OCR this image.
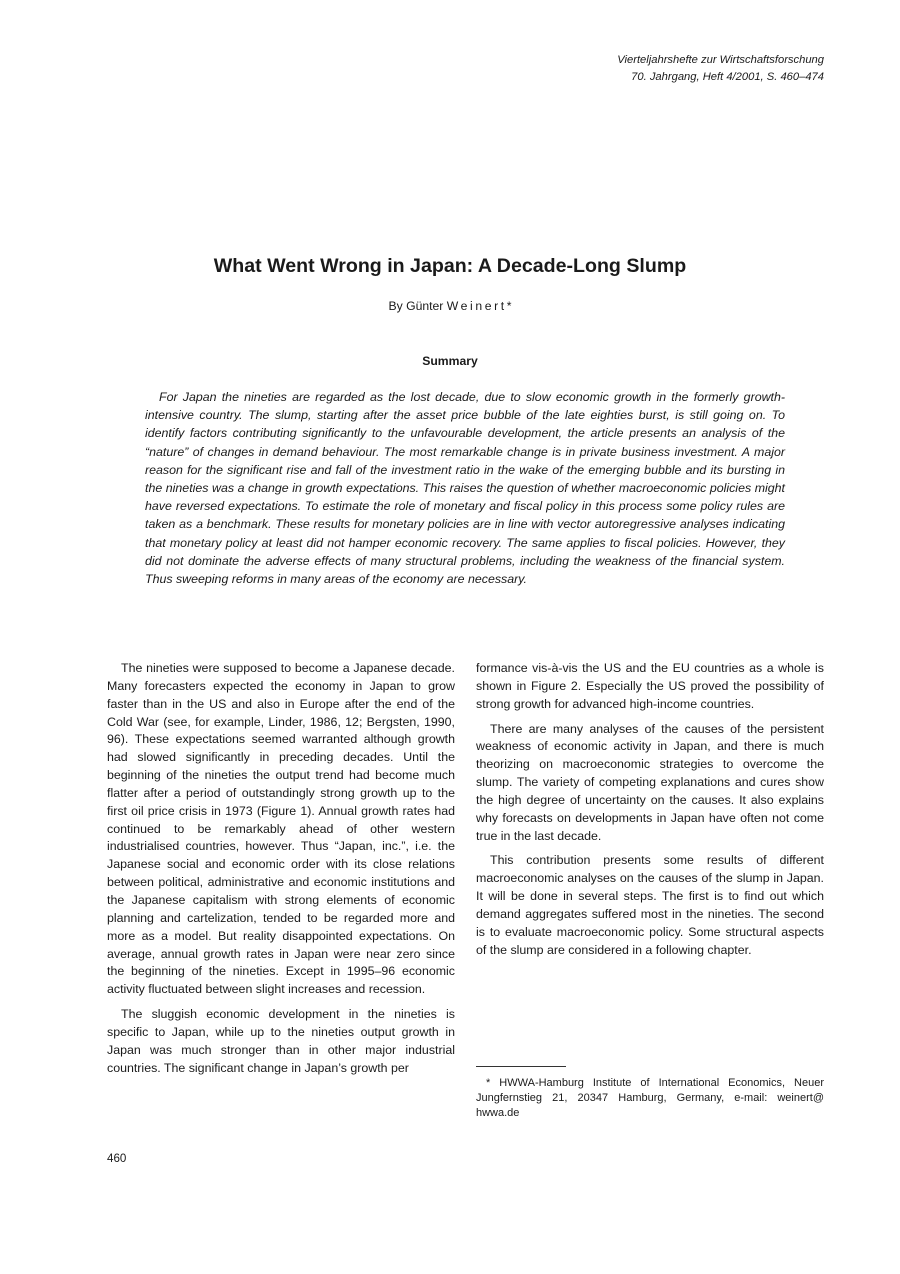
Vierteljahrshefte zur Wirtschaftsforschung
70. Jahrgang, Heft 4/2001, S. 460–474
What Went Wrong in Japan: A Decade-Long Slump
By Günter Weinert*
Summary

For Japan the nineties are regarded as the lost decade, due to slow economic growth in the formerly growth-intensive country. The slump, starting after the asset price bubble of the late eighties burst, is still going on. To identify factors contributing significantly to the unfavourable development, the article presents an analysis of the “nature” of changes in demand behaviour. The most remarkable change is in private business investment. A major reason for the significant rise and fall of the investment ratio in the wake of the emerging bubble and its bursting in the nineties was a change in growth expectations. This raises the question of whether macroeconomic policies might have reversed expectations. To estimate the role of monetary and fiscal policy in this process some policy rules are taken as a benchmark. These results for monetary policies are in line with vector autoregressive analyses indicating that monetary policy at least did not hamper economic recovery. The same applies to fiscal policies. However, they did not dominate the adverse effects of many structural problems, including the weakness of the financial system. Thus sweeping reforms in many areas of the economy are necessary.

The nineties were supposed to become a Japanese decade. Many forecasters expected the economy in Japan to grow faster than in the US and also in Europe after the end of the Cold War (see, for example, Linder, 1986, 12; Bergsten, 1990, 96). These expectations seemed warranted although growth had slowed significantly in preceding decades. Until the beginning of the nineties the output trend had become much flatter after a period of outstandingly strong growth up to the first oil price crisis in 1973 (Figure 1). Annual growth rates had continued to be remarkably ahead of other western industrialised countries, however. Thus “Japan, inc.”, i.e. the Japanese social and economic order with its close relations between political, administrative and economic institutions and the Japanese capitalism with strong elements of economic planning and cartelization, tended to be regarded more and more as a model. But reality disappointed expectations. On average, annual growth rates in Japan were near zero since the beginning of the nineties. Except in 1995–96 economic activity fluctuated between slight increases and recession.

The sluggish economic development in the nineties is specific to Japan, while up to the nineties output growth in Japan was much stronger than in other major industrial countries. The significant change in Japan’s growth per

formance vis-à-vis the US and the EU countries as a whole is shown in Figure 2. Especially the US proved the possibility of strong growth for advanced high-income countries.

There are many analyses of the causes of the persistent weakness of economic activity in Japan, and there is much theorizing on macroeconomic strategies to overcome the slump. The variety of competing explanations and cures show the high degree of uncertainty on the causes. It also explains why forecasts on developments in Japan have often not come true in the last decade.

This contribution presents some results of different macroeconomic analyses on the causes of the slump in Japan. It will be done in several steps. The first is to find out which demand aggregates suffered most in the nineties. The second is to evaluate macroeconomic policy. Some structural aspects of the slump are considered in a following chapter.

* HWWA-Hamburg Institute of International Economics, Neuer Jungfernstieg 21, 20347 Hamburg, Germany, e-mail: weinert@ hwwa.de

460
